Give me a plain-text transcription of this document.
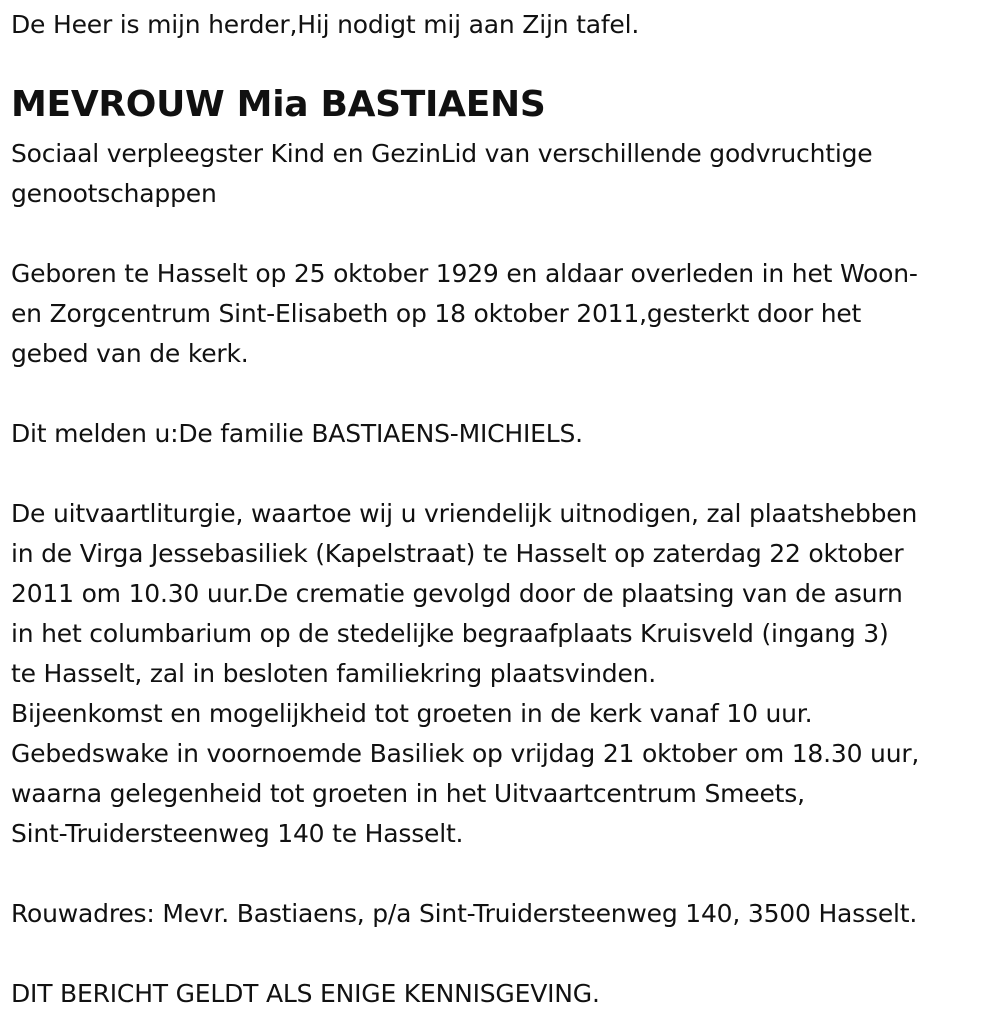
De Heer is mijn herder,Hij nodigt mij aan Zijn tafel.
MEVROUW Mia BASTIAENS
Sociaal verpleegster Kind en GezinLid van verschillende godvruchtige
genootschappen
Geboren te Hasselt op 25 oktober 1929 en aldaar overleden in het Woon-
en Zorgcentrum Sint-Elisabeth op 18 oktober 2011,gesterkt door het
gebed van de kerk.
Dit melden u:De familie BASTIAENS-MICHIELS.
De uitvaartliturgie, waartoe wij u vriendelijk uitnodigen, zal plaatshebben
in de Virga Jessebasiliek (Kapelstraat) te Hasselt op zaterdag 22 oktober
2011 om 10.30 uur.De crematie gevolgd door de plaatsing van de asurn
in het columbarium op de stedelijke begraafplaats Kruisveld (ingang 3)
te Hasselt, zal in besloten familiekring plaatsvinden.
Bijeenkomst en mogelijkheid tot groeten in de kerk vanaf 10 uur.
Gebedswake in voornoemde Basiliek op vrijdag 21 oktober om 18.30 uur,
waarna gelegenheid tot groeten in het Uitvaartcentrum Smeets,
Sint-Truidersteenweg 140 te Hasselt.
Rouwadres: Mevr. Bastiaens, p/a Sint-Truidersteenweg 140, 3500 Hasselt.
DIT BERICHT GELDT ALS ENIGE KENNISGEVING.
